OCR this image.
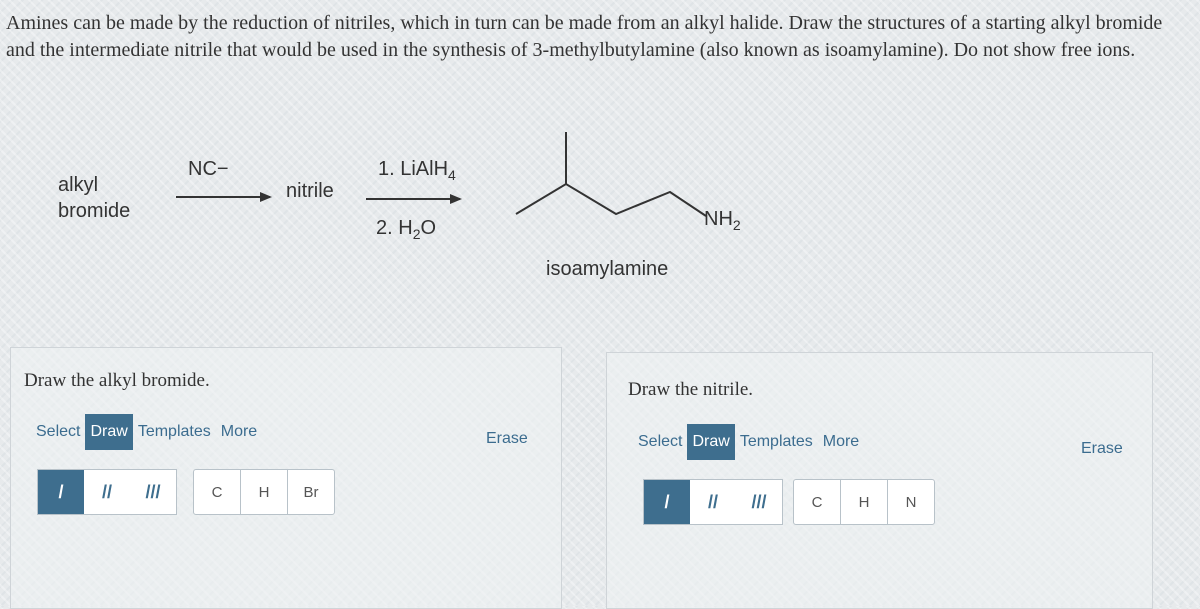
Amines can be made by the reduction of nitriles, which in turn can be made from an alkyl halide. Draw the structures of a starting alkyl bromide and the intermediate nitrile that would be used in the synthesis of 3-methylbutylamine (also known as isoamylamine). Do not show free ions.
alkyl
bromide
NC−
nitrile
1. LiAlH$_4$
2. $H_2O$	$NH_2$
isoamylamine
Draw the alkyl bromide.
Select Draw Templates More	Erase
/	//	///	C	H	Br
Draw the nitrile.
Select Draw Templates More	Erase
/	//	///	C	H	N
